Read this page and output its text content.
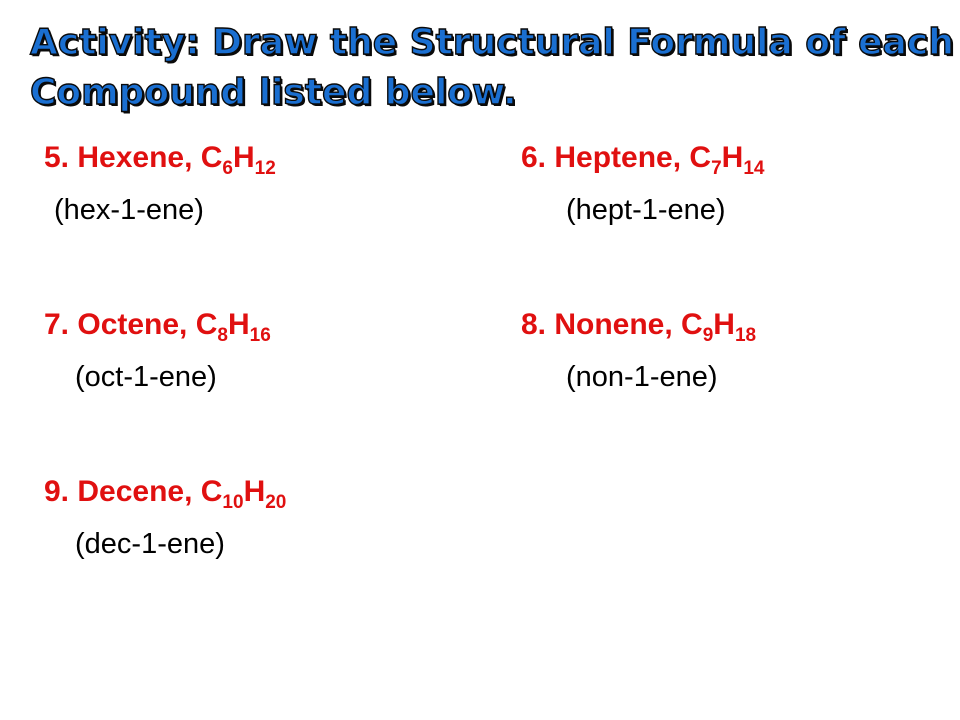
Activity: Draw the Structural Formula of each
Compound listed below.
5. Hexene, $C_6H_{12}$
(hex-1-ene)
6. Heptene, $C_7H_{14}$
(hept-1-ene)
7. Octene, $C_8H_{16}$
(oct-1-ene)
8. Nonene, $C_9H_{18}$
(non-1-ene)
9. Decene, $C_{10}H_{20}$
(dec-1-ene)
